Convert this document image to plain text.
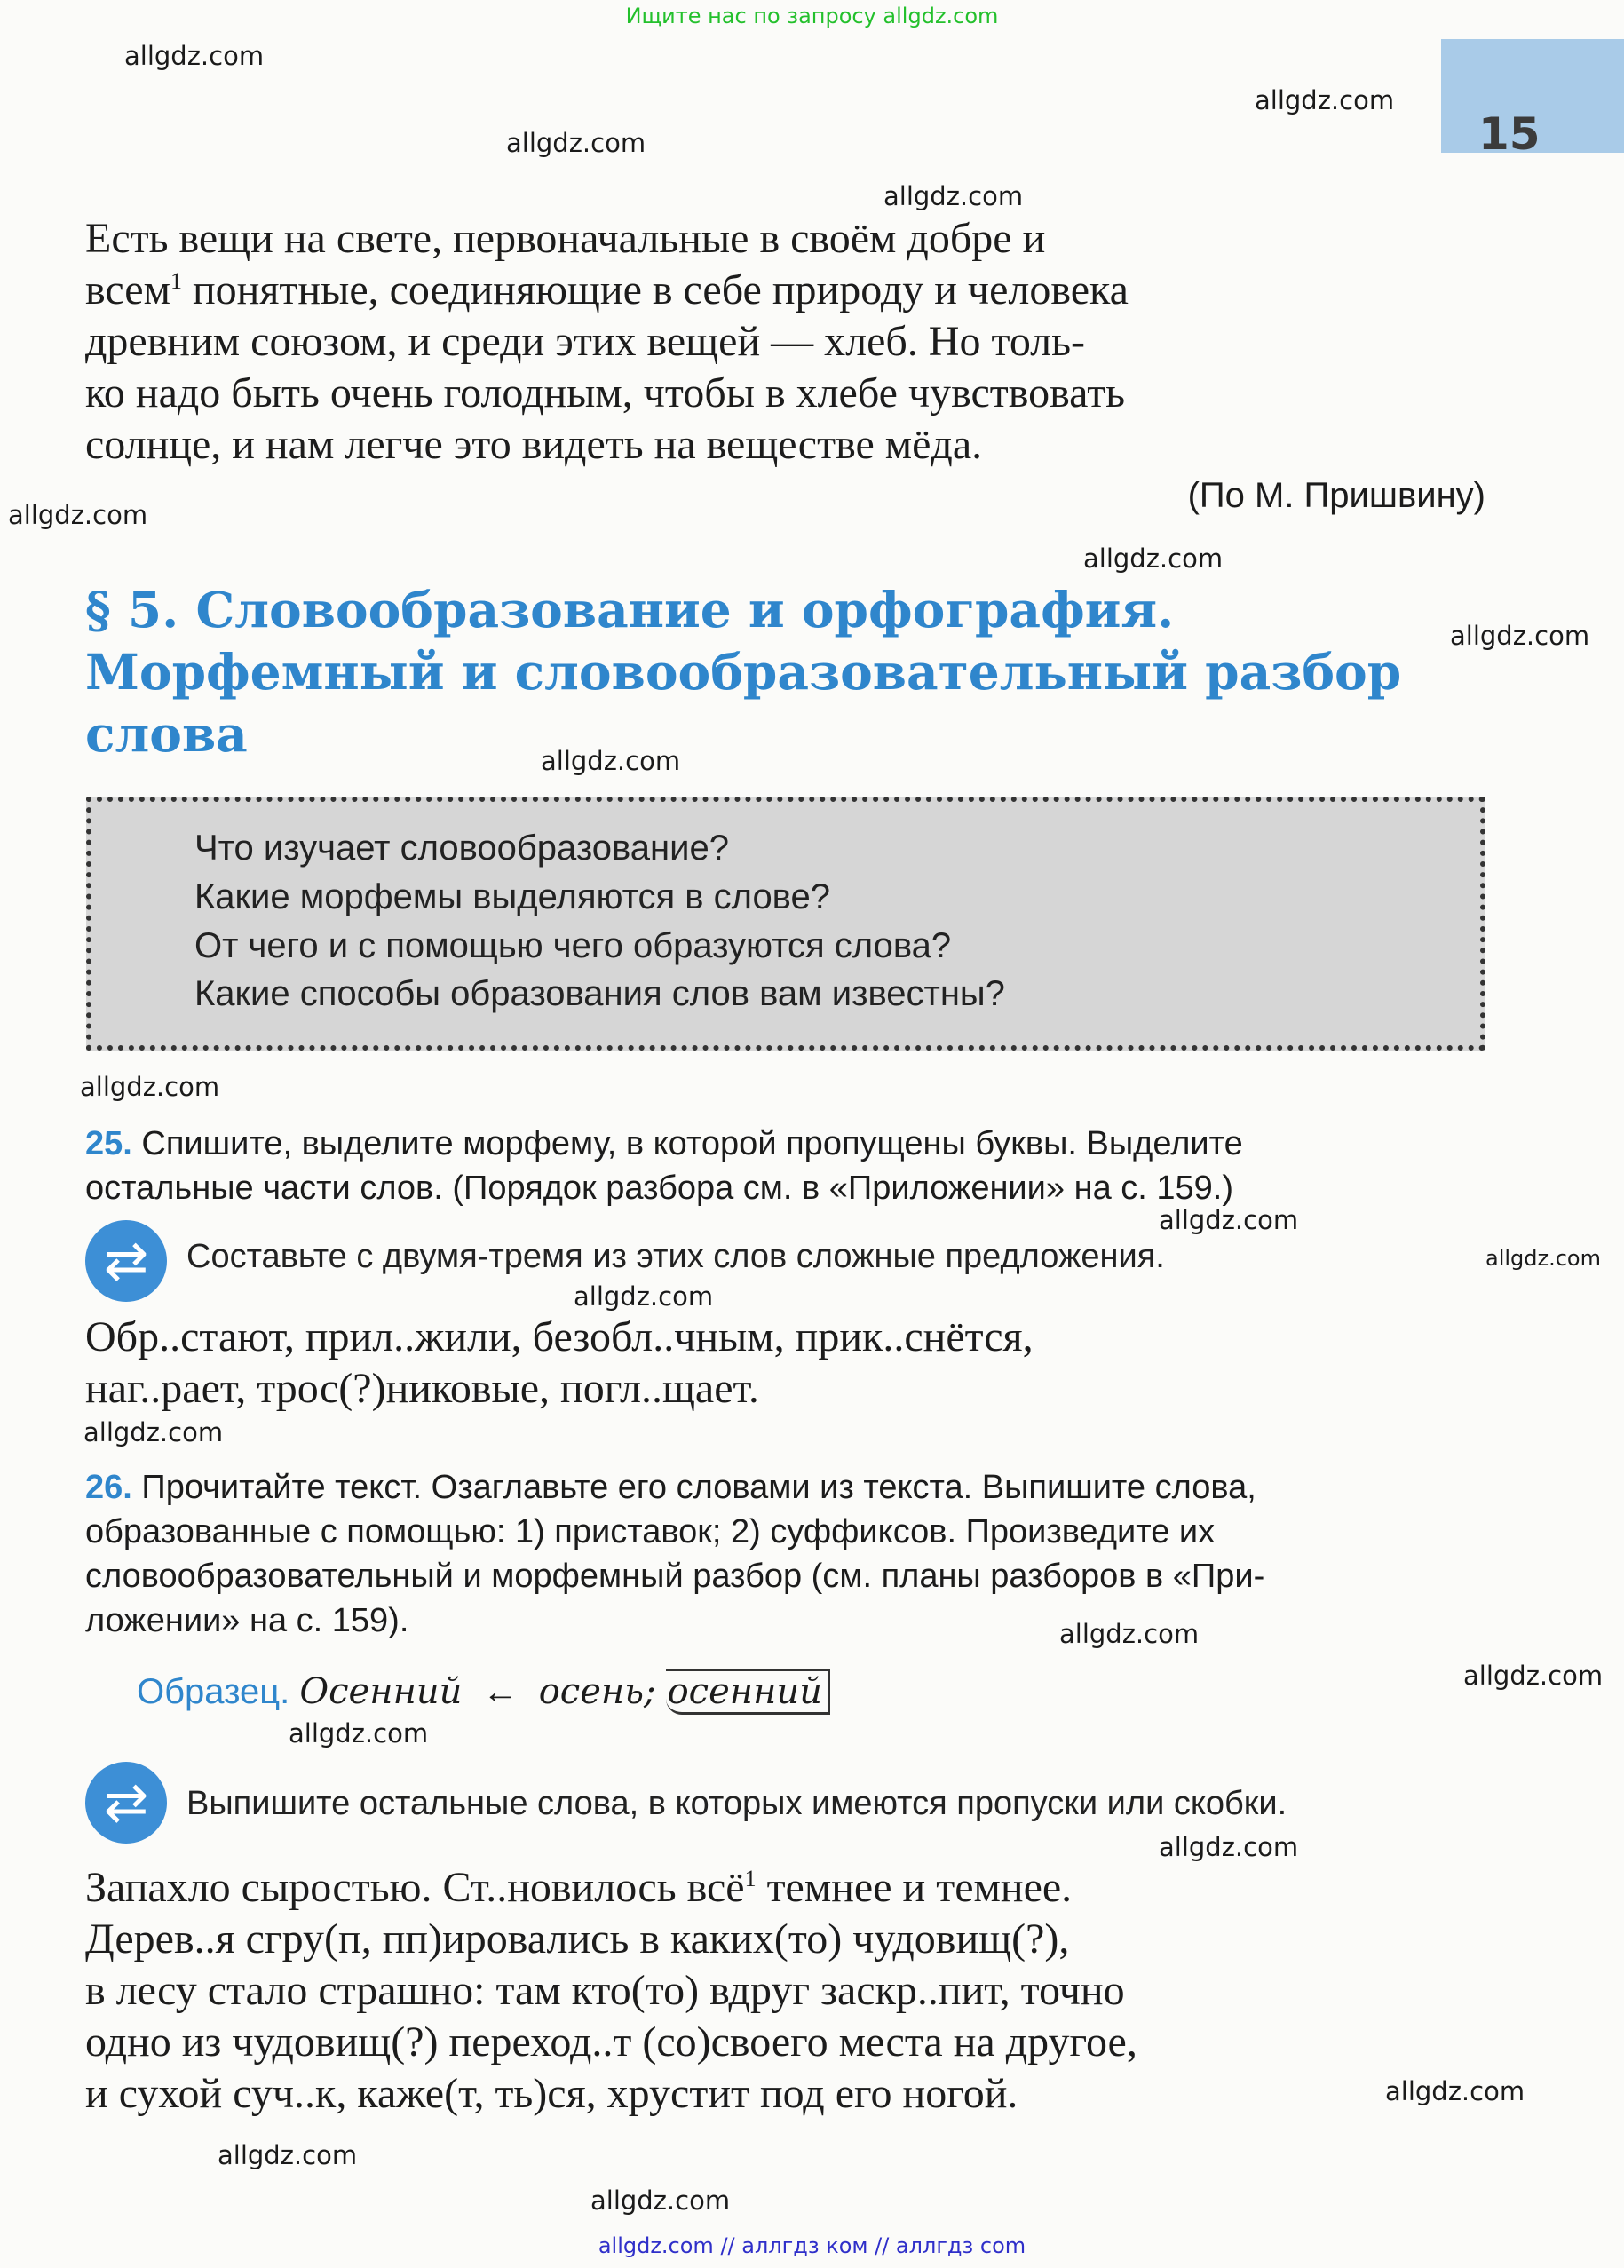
Ищите нас по запросу allgdz.com
15
allgdz.com
allgdz.com
allgdz.com
allgdz.com
allgdz.com
allgdz.com
allgdz.com
allgdz.com
allgdz.com
allgdz.com
allgdz.com
allgdz.com
allgdz.com
allgdz.com
allgdz.com
allgdz.com
allgdz.com
allgdz.com
allgdz.com
allgdz.com

Есть вещи на свете, первоначальные в своём добре и
всем$^1$ понятные, соединяющие в себе природу и человека
древним союзом, и среди этих вещей — хлеб. Но толь-
ко надо быть очень голодным, чтобы в хлебе чувствовать
солнце, и нам легче это видеть на веществе мёда.

(По М. Пришвину)
§ 5. Словообразование и орфография.
Морфемный и словообразовательный разбор
слова

Что изучает словообразование?

Какие морфемы выделяются в слове?

От чего и с помощью чего образуются слова?

Какие способы образования слов вам известны?

25. Спишите, выделите морфему, в которой пропущены буквы. Выделите
остальные части слов. (Порядок разбора см. в «Приложении» на с. 159.)

⇄	Составьте с двумя-тремя из этих слов сложные предложения.

Обр..стают, прил..жили, безобл..чным, прик..снётся,
наг..рает, трос(?)никовые, погл..щает.

26. Прочитайте текст. Озаглавьте его словами из текста. Выпишите слова,
образованные с помощью: 1) приставок; 2) суффиксов. Произведите их
словообразовательный и морфемный разбор (см. планы разборов в «При-
ложении» на с. 159).

Образец. Осенний ← осень; осенний
⇄	Выпишите остальные слова, в которых имеются пропуски или скобки.

Запахло сыростью. Ст..новилось всё$^1$ темнее и темнее.
Дерев..я сгру(п, пп)ировались в каких(то) чудовищ(?),
в лесу стало страшно: там кто(то) вдруг заскр..пит, точно
одно из чудовищ(?) переход..т (со)своего места на другое,
и сухой суч..к, каже(т, ть)ся, хрустит под его ногой.

allgdz.com // аллгдз ком // аллгдз com
